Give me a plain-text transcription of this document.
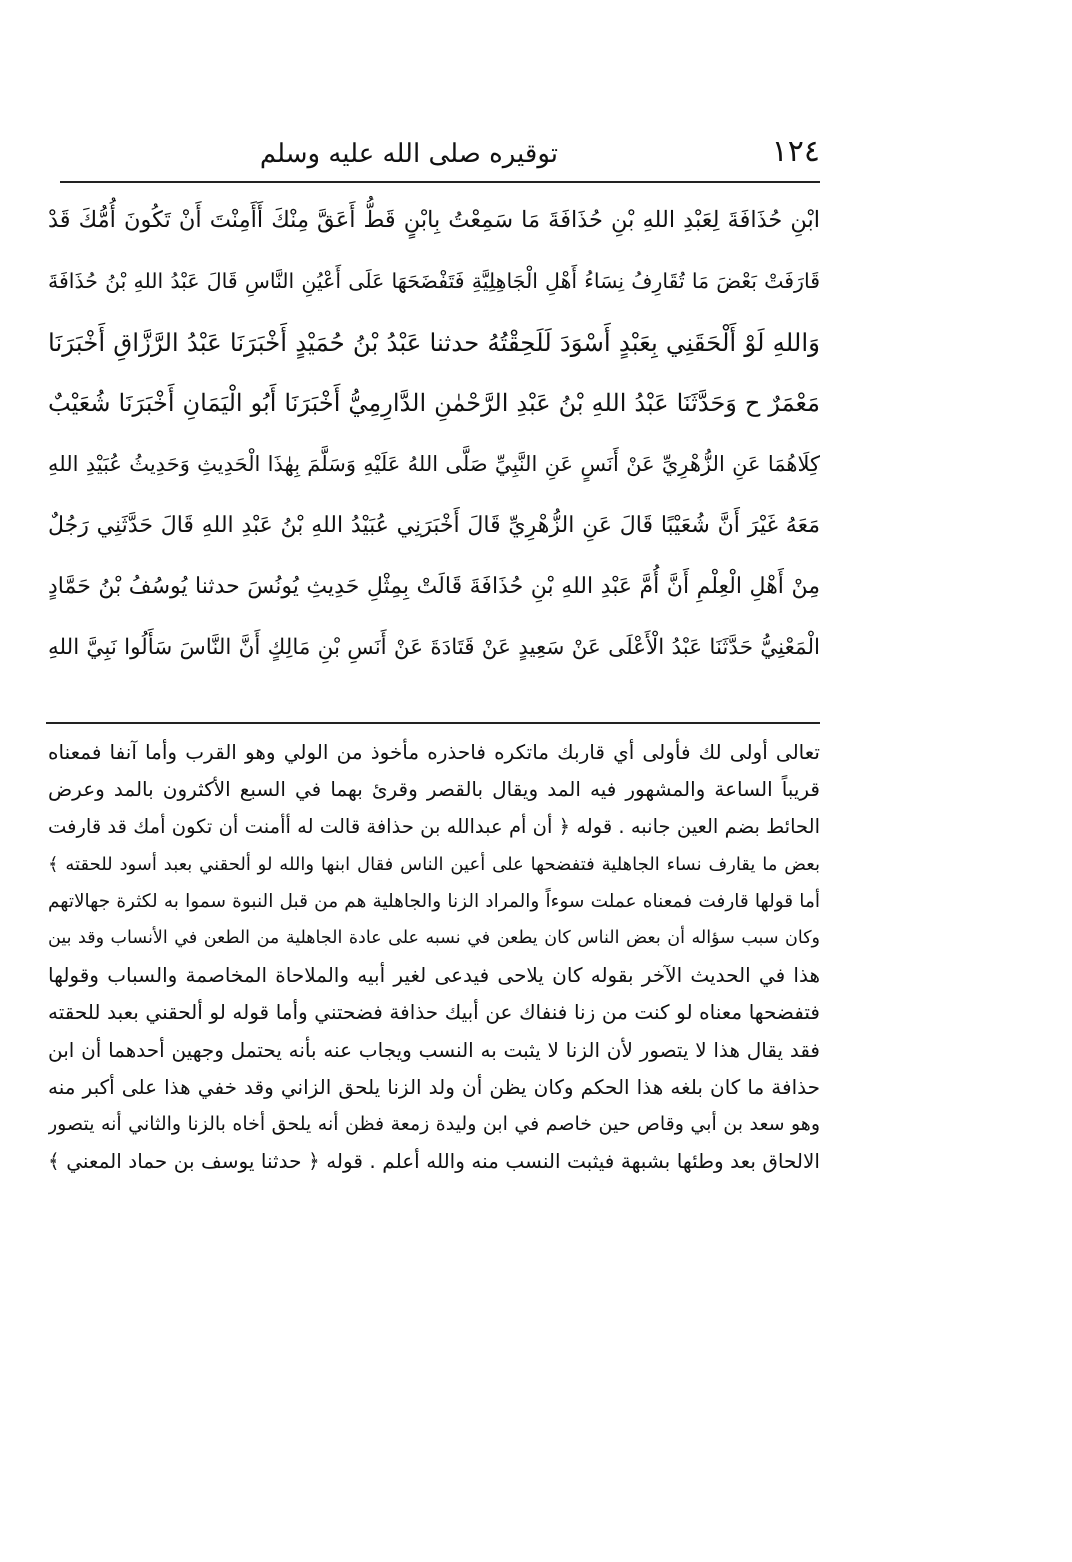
١٢٤
توقيره صلى الله عليه وسلم
ابْنِ حُذَافَةَ لِعَبْدِ اللهِ بْنِ حُذَافَةَ مَا سَمِعْتُ بِابْنٍ قَطُّ أَعَقَّ مِنْكَ أَأَمِنْتَ أَنْ تَكُونَ أُمُّكَ قَدْ
قَارَفَتْ بَعْضَ مَا تُقَارِفُ نِسَاءُ أَهْلِ الْجَاهِلِيَّةِ فَتَفْضَحَهَا عَلَى أَعْيُنِ النَّاسِ قَالَ عَبْدُ اللهِ بْنُ حُذَافَةَ
وَاللهِ لَوْ أَلْحَقَنِي بِعَبْدٍ أَسْوَدَ لَلَحِقْتُهُ حدثنا عَبْدُ بْنُ حُمَيْدٍ أَخْبَرَنَا عَبْدُ الرَّزَّاقِ أَخْبَرَنَا
مَعْمَرٌ ح وَحَدَّثَنَا عَبْدُ اللهِ بْنُ عَبْدِ الرَّحْمٰنِ الدَّارِمِيُّ أَخْبَرَنَا أَبُو الْيَمَانِ أَخْبَرَنَا شُعَيْبٌ
كِلَاهُمَا عَنِ الزُّهْرِيِّ عَنْ أَنَسٍ عَنِ النَّبِيِّ صَلَّى اللهُ عَلَيْهِ وَسَلَّمَ بِهٰذَا الْحَدِيثِ وَحَدِيثُ عُبَيْدِ اللهِ
مَعَهُ غَيْرَ أَنَّ شُعَيْبًا قَالَ عَنِ الزُّهْرِيِّ قَالَ أَخْبَرَنِي عُبَيْدُ اللهِ بْنُ عَبْدِ اللهِ قَالَ حَدَّثَنِي رَجُلٌ
مِنْ أَهْلِ الْعِلْمِ أَنَّ أُمَّ عَبْدِ اللهِ بْنِ حُذَافَةَ قَالَتْ بِمِثْلِ حَدِيثِ يُونُسَ حدثنا يُوسُفُ بْنُ حَمَّادٍ
الْمَعْنِيُّ حَدَّثَنَا عَبْدُ الْأَعْلَى عَنْ سَعِيدٍ عَنْ قَتَادَةَ عَنْ أَنَسِ بْنِ مَالِكٍ أَنَّ النَّاسَ سَأَلُوا نَبِيَّ اللهِ
تعالى أولى لك فأولى أي قاربك ماتكره فاحذره مأخوذ من الولي وهو القرب وأما آنفا فمعناه
قريباً الساعة والمشهور فيه المد ويقال بالقصر وقرئ بهما في السبع الأكثرون بالمد وعرض
الحائط بضم العين جانبه . قوله ﴿ أن أم عبدالله بن حذافة قالت له أأمنت أن تكون أمك قد قارفت
بعض ما يقارف نساء الجاهلية فتفضحها على أعين الناس فقال ابنها والله لو ألحقني بعبد أسود للحقته ﴾
أما قولها قارفت فمعناه عملت سوءاً والمراد الزنا والجاهلية هم من قبل النبوة سموا به لكثرة جهالاتهم
وكان سبب سؤاله أن بعض الناس كان يطعن في نسبه على عادة الجاهلية من الطعن في الأنساب وقد بين
هذا في الحديث الآخر بقوله كان يلاحى فيدعى لغير أبيه والملاحاة المخاصمة والسباب وقولها
فتفضحها معناه لو كنت من زنا فنفاك عن أبيك حذافة فضحتني وأما قوله لو ألحقني بعبد للحقته
فقد يقال هذا لا يتصور لأن الزنا لا يثبت به النسب ويجاب عنه بأنه يحتمل وجهين أحدهما أن ابن
حذافة ما كان بلغه هذا الحكم وكان يظن أن ولد الزنا يلحق الزاني وقد خفي هذا على أكبر منه
وهو سعد بن أبي وقاص حين خاصم في ابن وليدة زمعة فظن أنه يلحق أخاه بالزنا والثاني أنه يتصور
الالحاق بعد وطئها بشبهة فيثبت النسب منه والله أعلم . قوله ﴿ حدثنا يوسف بن حماد المعني ﴾
